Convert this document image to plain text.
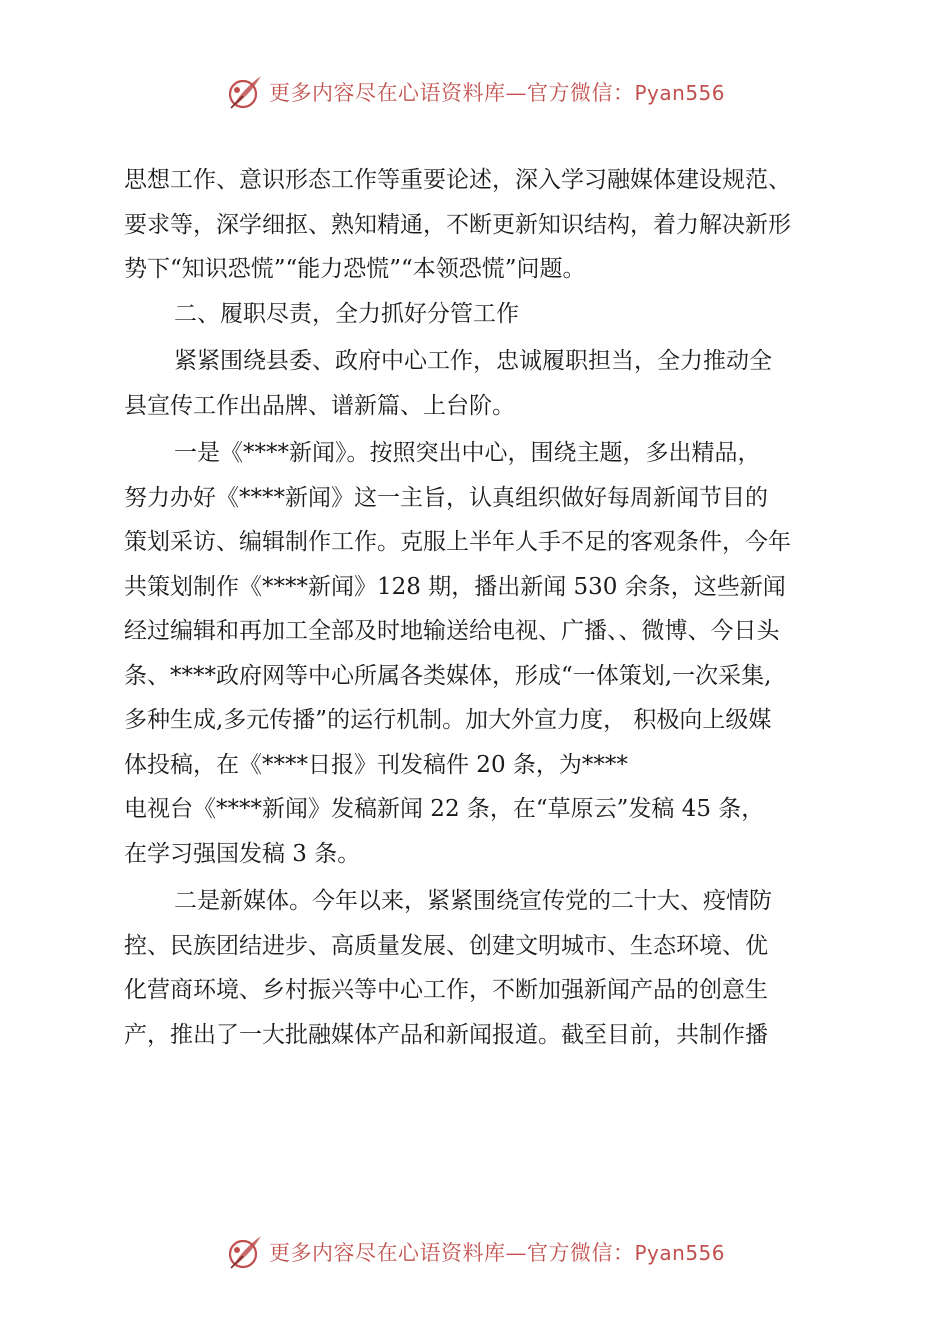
更多内容尽在心语资料库—官方微信：Pyan556

思想工作、意识形态工作等重要论述，深入学习融媒体建设规范、
要求等，深学细抠、熟知精通，不断更新知识结构，着力解决新形
势下“知识恐慌”“能力恐慌”“本领恐慌”问题。

二、履职尽责，全力抓好分管工作

紧紧围绕县委、政府中心工作，忠诚履职担当，全力推动全
县宣传工作出品牌、谱新篇、上台阶。

一是《****新闻》。按照突出中心，围绕主题，多出精品，
努力办好《****新闻》这一主旨，认真组织做好每周新闻节目的
策划采访、编辑制作工作。克服上半年人手不足的客观条件，今年
共策划制作《****新闻》128 期，播出新闻 530 余条，这些新闻
经过编辑和再加工全部及时地输送给电视、广播、、微博、今日头
条、****政府网等中心所属各类媒体，形成“一体策划,一次采集,
多种生成,多元传播”的运行机制。加大外宣力度， 积极向上级媒
体投稿，在《****日报》刊发稿件 20 条，为****
电视台《****新闻》发稿新闻 22 条，在“草原云”发稿 45 条，
在学习强国发稿 3 条。

二是新媒体。今年以来，紧紧围绕宣传党的二十大、疫情防
控、民族团结进步、高质量发展、创建文明城市、生态环境、优
化营商环境、乡村振兴等中心工作，不断加强新闻产品的创意生
产，推出了一大批融媒体产品和新闻报道。截至目前，共制作播

更多内容尽在心语资料库—官方微信：Pyan556
